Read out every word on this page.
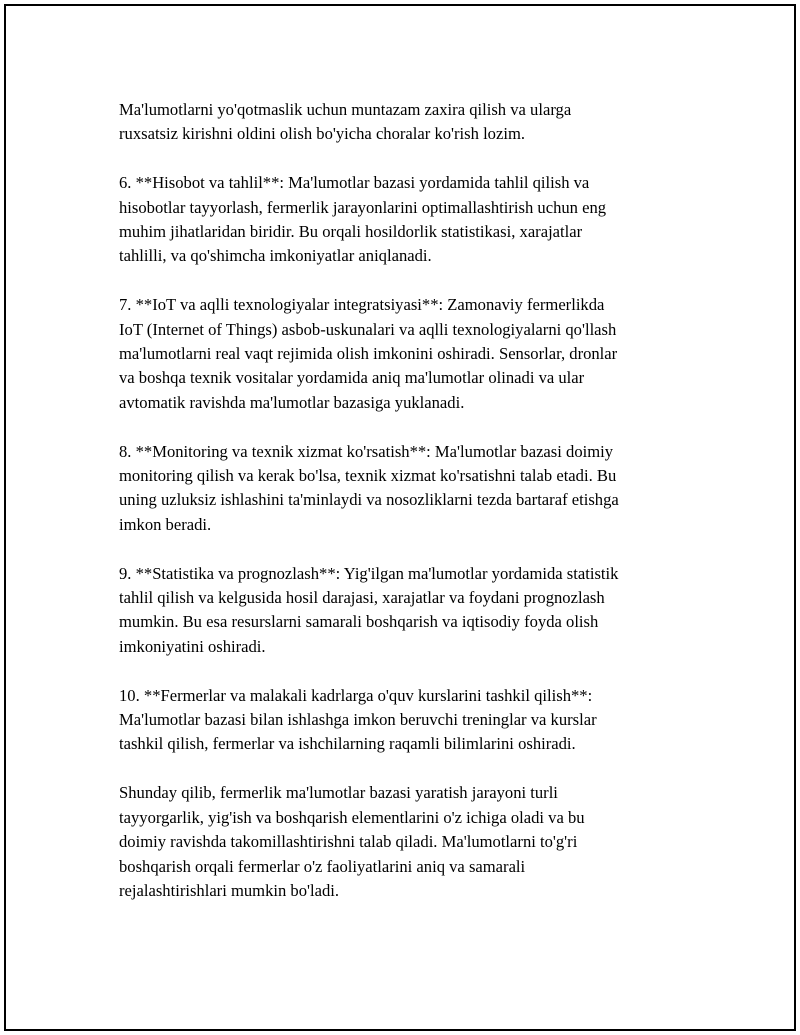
Ma'lumotlarni yo'qotmaslik uchun muntazam zaxira qilish va ularga
ruxsatsiz kirishni oldini olish bo'yicha choralar ko'rish lozim.

6. **Hisobot va tahlil**: Ma'lumotlar bazasi yordamida tahlil qilish va
hisobotlar tayyorlash, fermerlik jarayonlarini optimallashtirish uchun eng
muhim jihatlaridan biridir. Bu orqali hosildorlik statistikasi, xarajatlar
tahlilli, va qo'shimcha imkoniyatlar aniqlanadi.

7. **IoT va aqlli texnologiyalar integratsiyasi**: Zamonaviy fermerlikda
IoT (Internet of Things) asbob-uskunalari va aqlli texnologiyalarni qo'llash
ma'lumotlarni real vaqt rejimida olish imkonini oshiradi. Sensorlar, dronlar
va boshqa texnik vositalar yordamida aniq ma'lumotlar olinadi va ular
avtomatik ravishda ma'lumotlar bazasiga yuklanadi.

8. **Monitoring va texnik xizmat ko'rsatish**: Ma'lumotlar bazasi doimiy
monitoring qilish va kerak bo'lsa, texnik xizmat ko'rsatishni talab etadi. Bu
uning uzluksiz ishlashini ta'minlaydi va nosozliklarni tezda bartaraf etishga
imkon beradi.

9. **Statistika va prognozlash**: Yig'ilgan ma'lumotlar yordamida statistik
tahlil qilish va kelgusida hosil darajasi, xarajatlar va foydani prognozlash
mumkin. Bu esa resurslarni samarali boshqarish va iqtisodiy foyda olish
imkoniyatini oshiradi.

10. **Fermerlar va malakali kadrlarga o'quv kurslarini tashkil qilish**:
Ma'lumotlar bazasi bilan ishlashga imkon beruvchi treninglar va kurslar
tashkil qilish, fermerlar va ishchilarning raqamli bilimlarini oshiradi.

Shunday qilib, fermerlik ma'lumotlar bazasi yaratish jarayoni turli
tayyorgarlik, yig'ish va boshqarish elementlarini o'z ichiga oladi va bu
doimiy ravishda takomillashtirishni talab qiladi. Ma'lumotlarni to'g'ri
boshqarish orqali fermerlar o'z faoliyatlarini aniq va samarali
rejalashtirishlari mumkin bo'ladi.
